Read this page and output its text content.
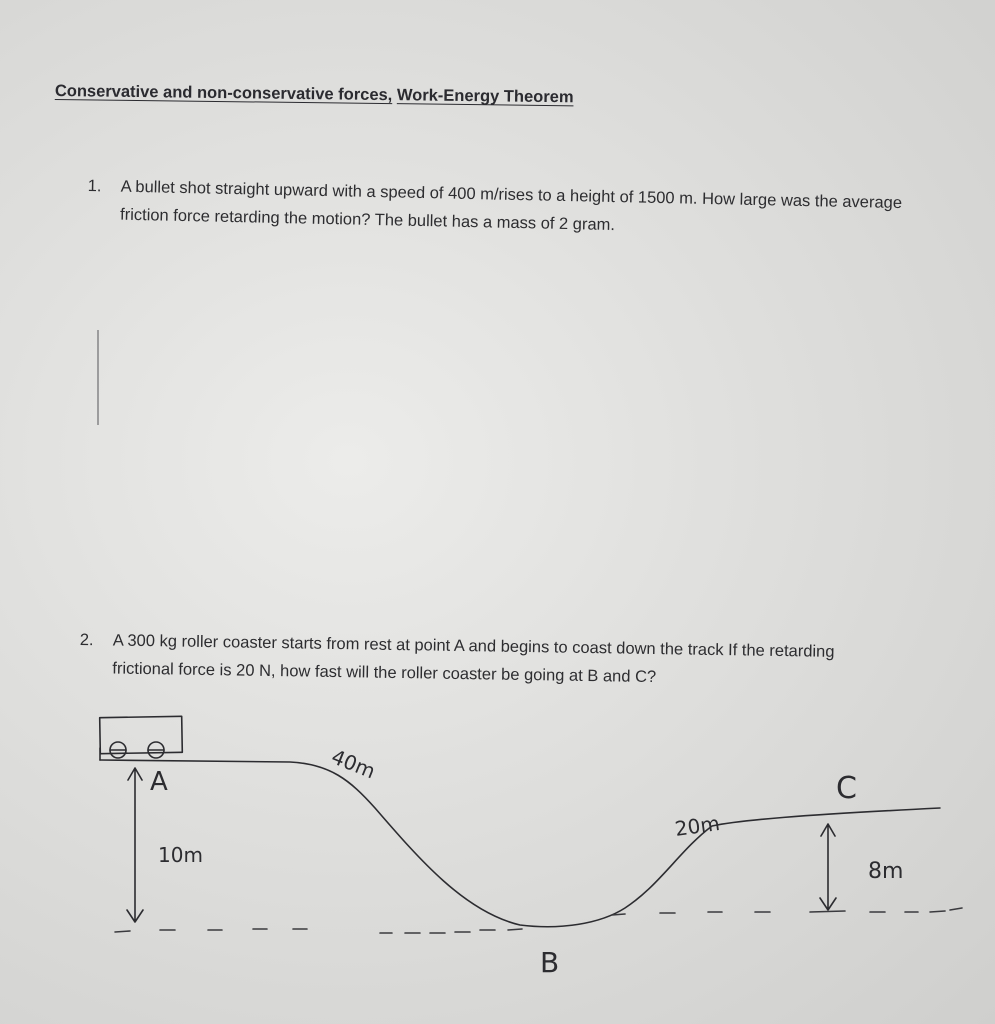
Conservative and non-conservative forces, Work-Energy Theorem
1. A bullet shot straight upward with a speed of 400 m/rises to a height of 1500 m. How large was the average friction force retarding the motion? The bullet has a mass of 2 gram.
2. A 300 kg roller coaster starts from rest at point A and begins to coast down the track If the retarding frictional force is 20 N, how fast will the roller coaster be going at B and C?
A
B
C
10m
40m
20m
8m
